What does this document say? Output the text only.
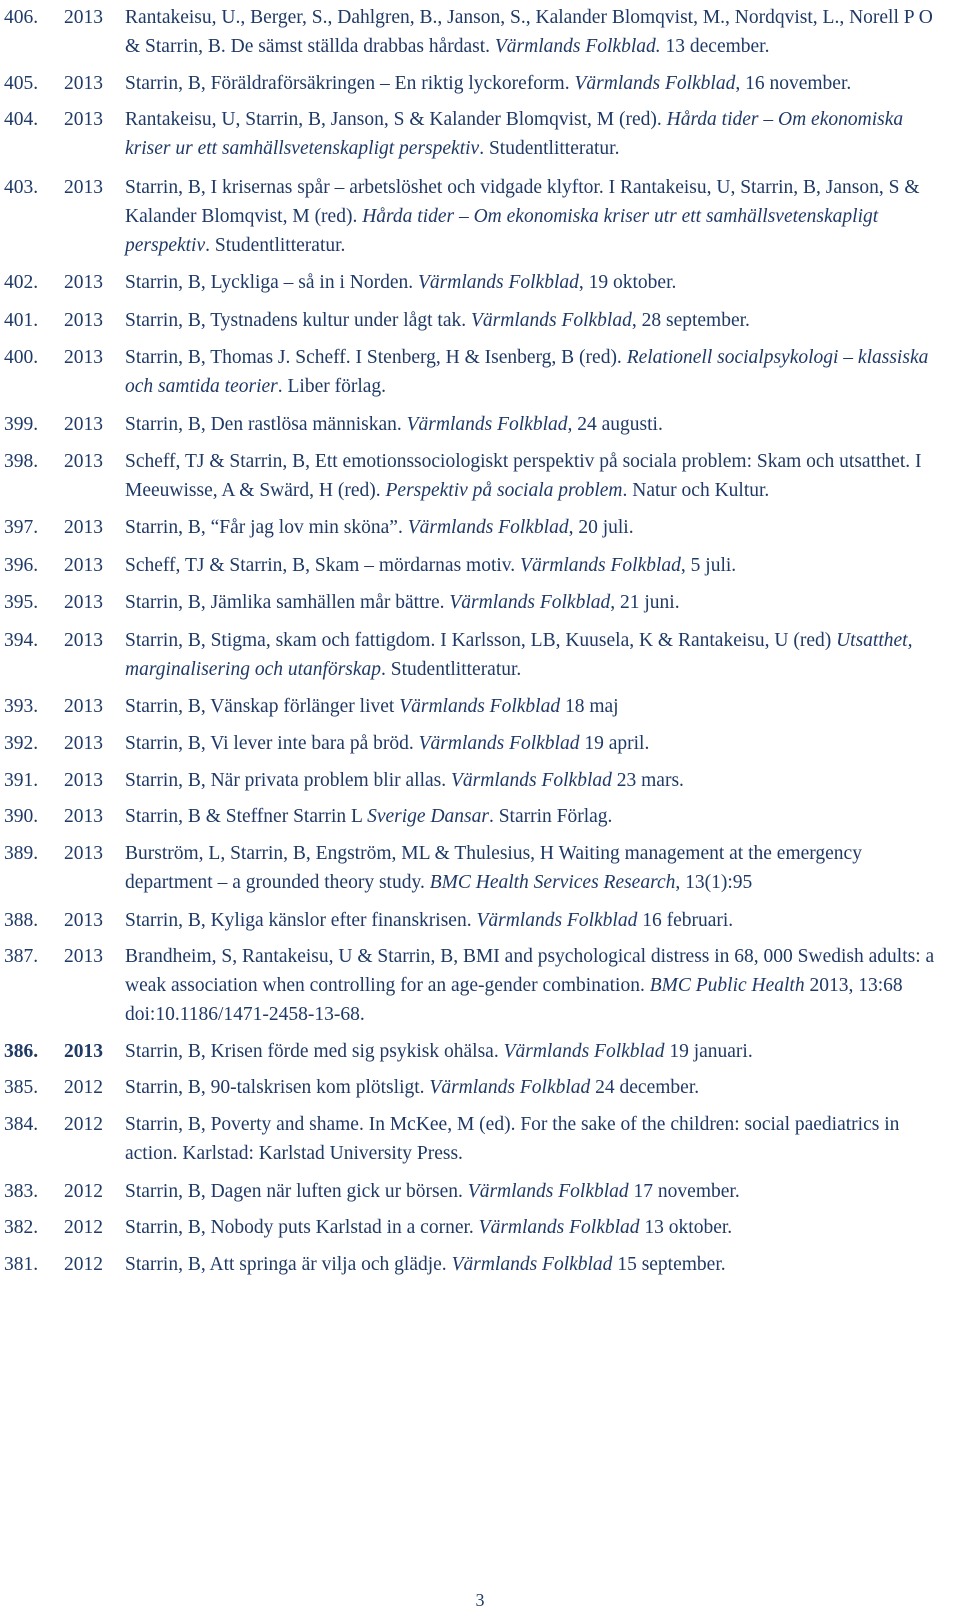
406.	2013	Rantakeisu, U., Berger, S., Dahlgren, B., Janson, S., Kalander Blomqvist, M., Nordqvist, L., Norell P O & Starrin, B. De sämst ställda drabbas hårdast. Värmlands Folkblad. 13 december.
405.	2013	Starrin, B, Föräldraförsäkringen – En riktig lyckoreform. Värmlands Folkblad, 16 november.
404.	2013	Rantakeisu, U, Starrin, B, Janson, S & Kalander Blomqvist, M (red). Hårda tider – Om ekonomiska kriser ur ett samhällsvetenskapligt perspektiv. Studentlitteratur.
403.	2013	Starrin, B, I krisernas spår – arbetslöshet och vidgade klyftor. I Rantakeisu, U, Starrin, B, Janson, S & Kalander Blomqvist, M (red). Hårda tider – Om ekonomiska kriser utr ett samhällsvetenskapligt perspektiv. Studentlitteratur.
402.	2013	Starrin, B, Lyckliga – så in i Norden. Värmlands Folkblad, 19 oktober.
401.	2013	Starrin, B, Tystnadens kultur under lågt tak. Värmlands Folkblad, 28 september.
400.	2013	Starrin, B, Thomas J. Scheff. I Stenberg, H & Isenberg, B (red). Relationell socialpsykologi – klassiska och samtida teorier. Liber förlag.
399.	2013	Starrin, B, Den rastlösa människan. Värmlands Folkblad, 24 augusti.
398.	2013	Scheff, TJ & Starrin, B, Ett emotionssociologiskt perspektiv på sociala problem: Skam och utsatthet. I Meeuwisse, A & Swärd, H (red). Perspektiv på sociala problem. Natur och Kultur.
397.	2013	Starrin, B, “Får jag lov min sköna”. Värmlands Folkblad, 20 juli.
396.	2013	Scheff, TJ & Starrin, B, Skam – mördarnas motiv. Värmlands Folkblad, 5 juli.
395.	2013	Starrin, B, Jämlika samhällen mår bättre. Värmlands Folkblad, 21 juni.
394.	2013	Starrin, B, Stigma, skam och fattigdom. I Karlsson, LB, Kuusela, K & Rantakeisu, U (red) Utsatthet, marginalisering och utanförskap. Studentlitteratur.
393.	2013	Starrin, B, Vänskap förlänger livet Värmlands Folkblad 18 maj
392.	2013	Starrin, B, Vi lever inte bara på bröd. Värmlands Folkblad 19 april.
391.	2013	Starrin, B, När privata problem blir allas. Värmlands Folkblad 23 mars.
390.	2013	Starrin, B & Steffner Starrin L Sverige Dansar. Starrin Förlag.
389.	2013	Burström, L, Starrin, B, Engström, ML & Thulesius, H Waiting management at the emergency department – a grounded theory study. BMC Health Services Research, 13(1):95
388.	2013	Starrin, B, Kyliga känslor efter finanskrisen. Värmlands Folkblad 16 februari.
387.	2013	Brandheim, S, Rantakeisu, U & Starrin, B, BMI and psychological distress in 68, 000 Swedish adults: a weak association when controlling for an age-gender combination. BMC Public Health 2013, 13:68 doi:10.1186/1471-2458-13-68.
386.	2013	Starrin, B, Krisen förde med sig psykisk ohälsa. Värmlands Folkblad 19 januari.
385.	2012	Starrin, B, 90-talskrisen kom plötsligt. Värmlands Folkblad 24 december.
384.	2012	Starrin, B, Poverty and shame. In McKee, M (ed). For the sake of the children: social paediatrics in action. Karlstad: Karlstad University Press.
383.	2012	Starrin, B, Dagen när luften gick ur börsen. Värmlands Folkblad 17 november.
382.	2012	Starrin, B, Nobody puts Karlstad in a corner. Värmlands Folkblad 13 oktober.
381.	2012	Starrin, B, Att springa är vilja och glädje. Värmlands Folkblad 15 september.
3
